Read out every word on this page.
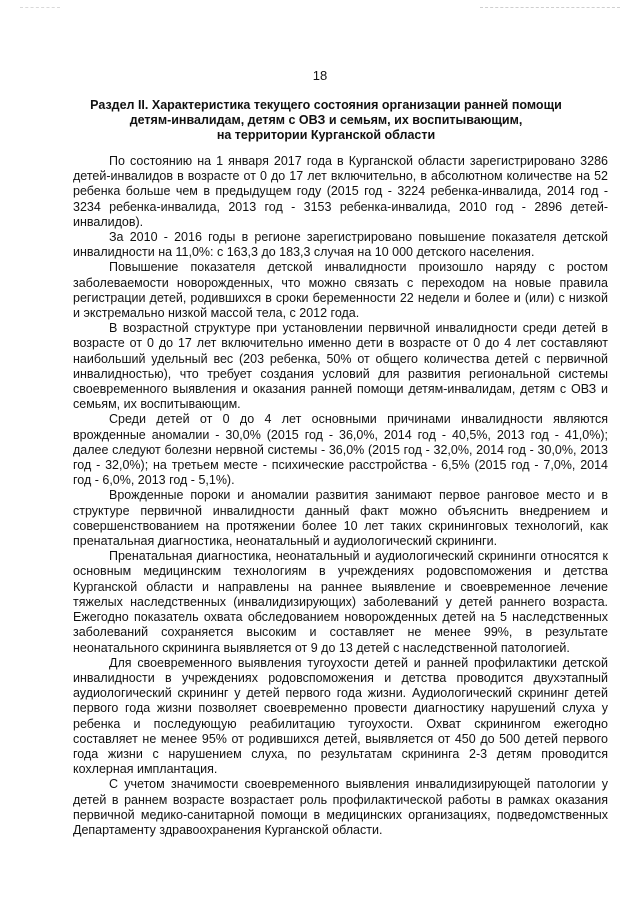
18
Раздел II. Характеристика текущего состояния организации ранней помощи
детям-инвалидам, детям с ОВЗ и семьям, их воспитывающим,
на территории Курганской области

По состоянию на 1 января 2017 года в Курганской области зарегистрировано 3286 детей-инвалидов в возрасте от 0 до 17 лет включительно, в абсолютном количестве на 52 ребенка больше чем в предыдущем году (2015 год - 3224 ребенка-инвалида, 2014 год - 3234 ребенка-инвалида, 2013 год - 3153 ребенка-инвалида, 2010 год - 2896 детей-инвалидов).

За 2010 - 2016 годы в регионе зарегистрировано повышение показателя детской инвалидности на 11,0%: с 163,3 до 183,3 случая на 10 000 детского населения.

Повышение показателя детской инвалидности произошло наряду с ростом заболеваемости новорожденных, что можно связать с переходом на новые правила регистрации детей, родившихся в сроки беременности 22 недели и более и (или) с низкой и экстремально низкой массой тела, с 2012 года.

В возрастной структуре при установлении первичной инвалидности среди детей в возрасте от 0 до 17 лет включительно именно дети в возрасте от 0 до 4 лет составляют наибольший удельный вес (203 ребенка, 50% от общего количества детей с первичной инвалидностью), что требует создания условий для развития региональной системы своевременного выявления и оказания ранней помощи детям-инвалидам, детям с ОВЗ и семьям, их воспитывающим.

Среди детей от 0 до 4 лет основными причинами инвалидности являются врожденные аномалии - 30,0% (2015 год - 36,0%, 2014 год - 40,5%, 2013 год - 41,0%); далее следуют болезни нервной системы - 36,0% (2015 год - 32,0%, 2014 год - 30,0%, 2013 год - 32,0%); на третьем месте - психические расстройства - 6,5% (2015 год - 7,0%, 2014 год - 6,0%, 2013 год - 5,1%).

Врожденные пороки и аномалии развития занимают первое ранговое место и в структуре первичной инвалидности данный факт можно объяснить внедрением и совершенствованием на протяжении более 10 лет таких скрининговых технологий, как пренатальная диагностика, неонатальный и аудиологический скрининги.

Пренатальная диагностика, неонатальный и аудиологический скрининги относятся к основным медицинским технологиям в учреждениях родовспоможения и детства Курганской области и направлены на раннее выявление и своевременное лечение тяжелых наследственных (инвалидизирующих) заболеваний у детей раннего возраста. Ежегодно показатель охвата обследованием новорожденных детей на 5 наследственных заболеваний сохраняется высоким и составляет не менее 99%, в результате неонатального скрининга выявляется от 9 до 13 детей с наследственной патологией.

Для своевременного выявления тугоухости детей и ранней профилактики детской инвалидности в учреждениях родовспоможения и детства проводится двухэтапный аудиологический скрининг у детей первого года жизни. Аудиологический скрининг детей первого года жизни позволяет своевременно провести диагностику нарушений слуха у ребенка и последующую реабилитацию тугоухости. Охват скринингом ежегодно составляет не менее 95% от родившихся детей, выявляется от 450 до 500 детей первого года жизни с нарушением слуха, по результатам скрининга 2-3 детям проводится кохлерная имплантация.

С учетом значимости своевременного выявления инвалидизирующей патологии у детей в раннем возрасте возрастает роль профилактической работы в рамках оказания первичной медико-санитарной помощи в медицинских организациях, подведомственных Департаменту здравоохранения Курганской области.
